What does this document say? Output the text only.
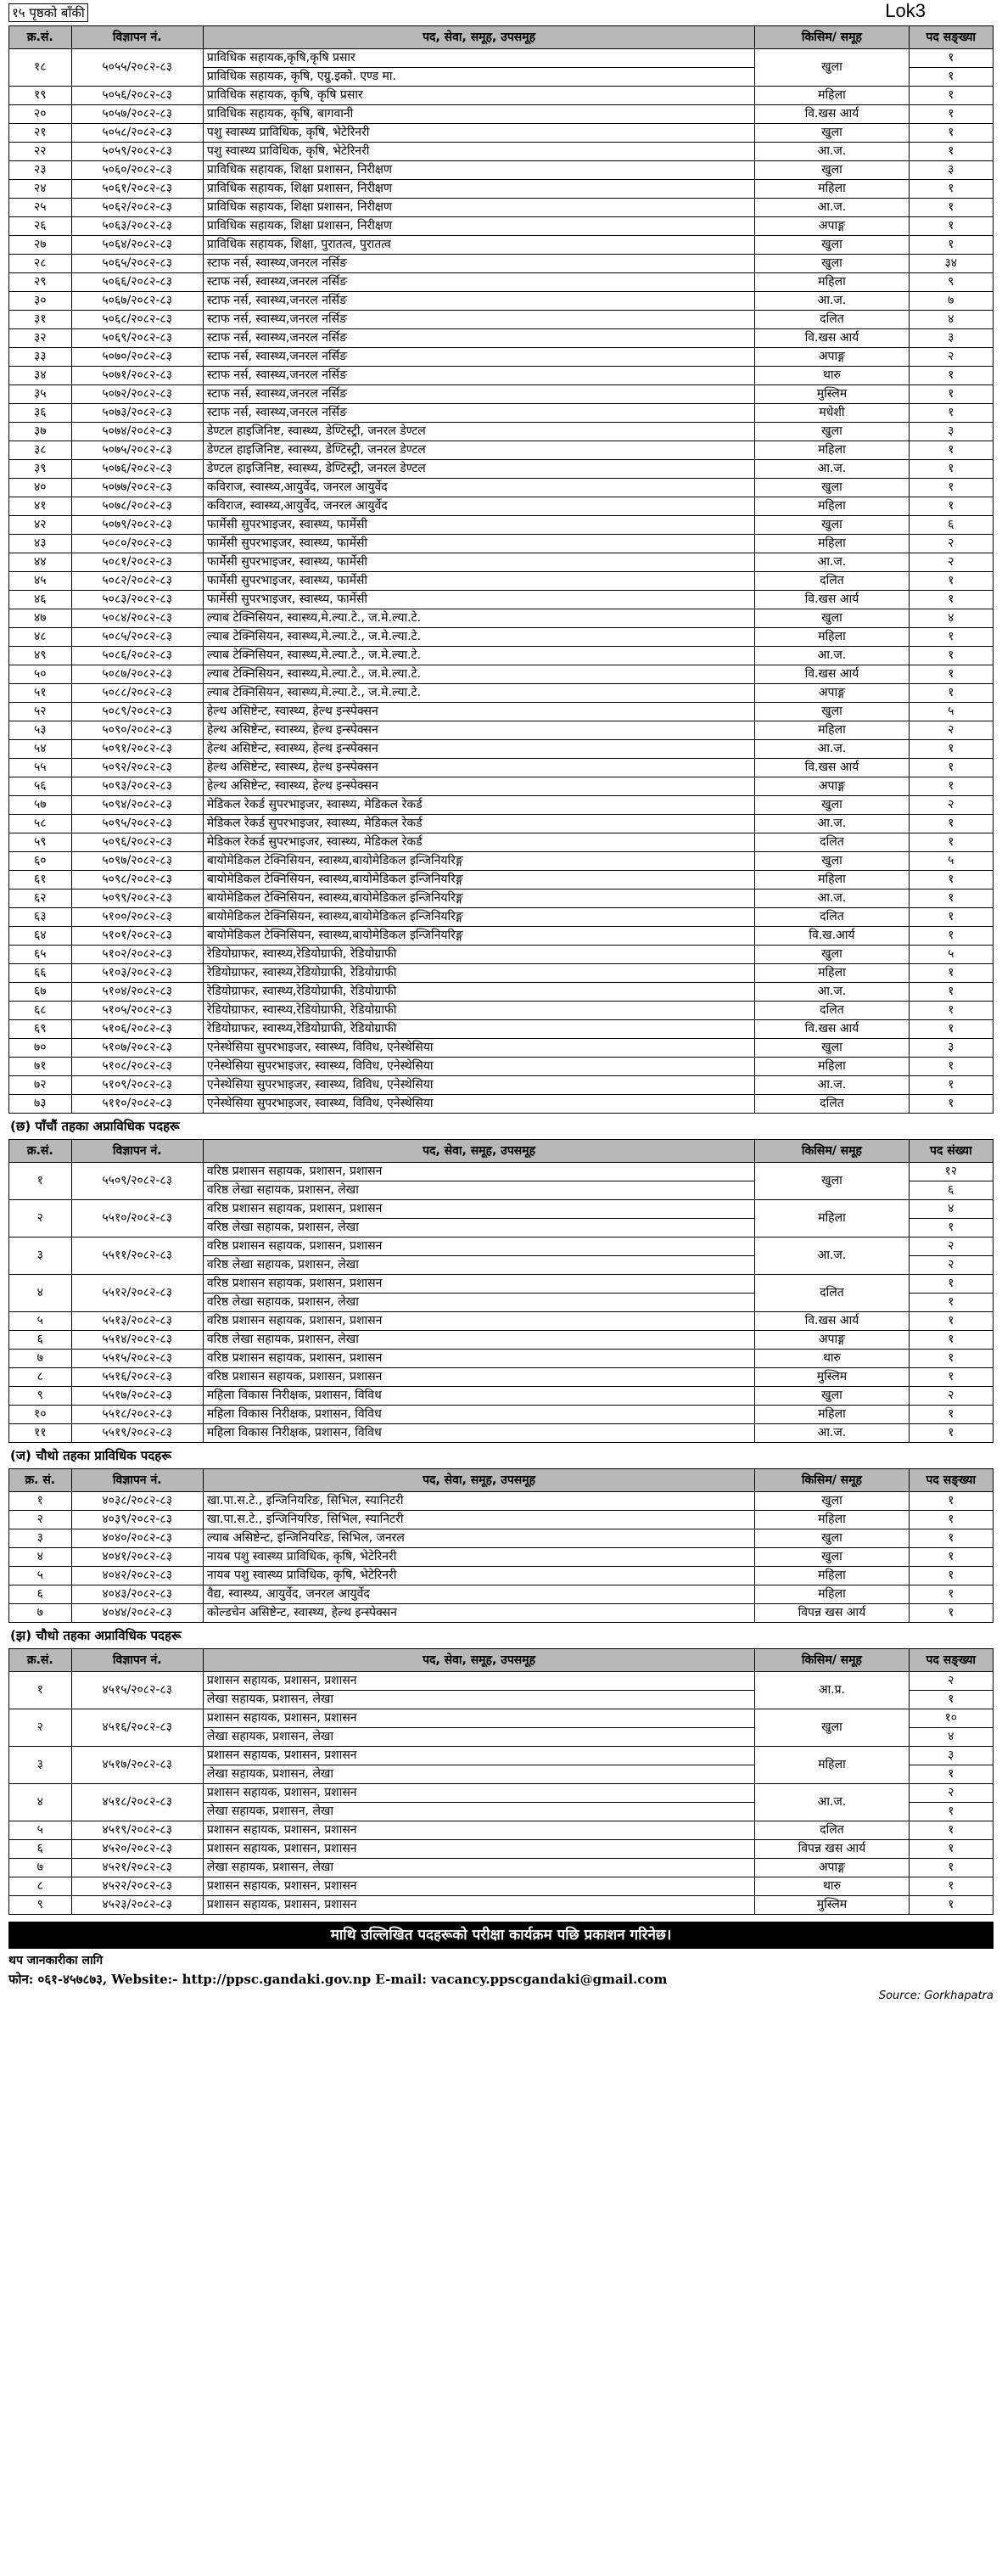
१५ पृष्ठको बाँकी	Lok3
क्र.सं.	विज्ञापन नं.	पद, सेवा, समूह, उपसमूह	किसिम/ समूह	पद सङ्ख्या
१८	५०५५/२०८२-८३	प्राविधिक सहायक,कृषि,कृषि प्रसार	खुला	१
		प्राविधिक सहायक, कृषि, एग्रु.इको. एण्ड मा.		१
१९	५०५६/२०८२-८३	प्राविधिक सहायक, कृषि, कृषि प्रसार	महिला	१
२०	५०५७/२०८२-८३	प्राविधिक सहायक, कृषि, बागवानी	वि.खस आर्य	१
२१	५०५८/२०८२-८३	पशु स्वास्थ्य प्राविधिक, कृषि, भेटेरिनरी	खुला	१
२२	५०५९/२०८२-८३	पशु स्वास्थ्य प्राविधिक, कृषि, भेटेरिनरी	आ.ज.	१
२३	५०६०/२०८२-८३	प्राविधिक सहायक, शिक्षा प्रशासन, निरीक्षण	खुला	३
२४	५०६१/२०८२-८३	प्राविधिक सहायक, शिक्षा प्रशासन, निरीक्षण	महिला	१
२५	५०६२/२०८२-८३	प्राविधिक सहायक, शिक्षा प्रशासन, निरीक्षण	आ.ज.	१
२६	५०६३/२०८२-८३	प्राविधिक सहायक, शिक्षा प्रशासन, निरीक्षण	अपाङ्ग	१
२७	५०६४/२०८२-८३	प्राविधिक सहायक, शिक्षा, पुरातत्व, पुरातत्व	खुला	१
२८	५०६५/२०८२-८३	स्टाफ नर्स, स्वास्थ्य,जनरल नर्सिङ	खुला	३४
२९	५०६६/२०८२-८३	स्टाफ नर्स, स्वास्थ्य,जनरल नर्सिङ	महिला	९
३०	५०६७/२०८२-८३	स्टाफ नर्स, स्वास्थ्य,जनरल नर्सिङ	आ.ज.	७
३१	५०६८/२०८२-८३	स्टाफ नर्स, स्वास्थ्य,जनरल नर्सिङ	दलित	४
३२	५०६९/२०८२-८३	स्टाफ नर्स, स्वास्थ्य,जनरल नर्सिङ	वि.खस आर्य	३
३३	५०७०/२०८२-८३	स्टाफ नर्स, स्वास्थ्य,जनरल नर्सिङ	अपाङ्ग	२
३४	५०७१/२०८२-८३	स्टाफ नर्स, स्वास्थ्य,जनरल नर्सिङ	थारु	१
३५	५०७२/२०८२-८३	स्टाफ नर्स, स्वास्थ्य,जनरल नर्सिङ	मुस्लिम	१
३६	५०७३/२०८२-८३	स्टाफ नर्स, स्वास्थ्य,जनरल नर्सिङ	मधेशी	१
३७	५०७४/२०८२-८३	डेण्टल हाइजिनिष्ट, स्वास्थ्य, डेण्टिस्ट्री, जनरल डेण्टल	खुला	३
३८	५०७५/२०८२-८३	डेण्टल हाइजिनिष्ट, स्वास्थ्य, डेण्टिस्ट्री, जनरल डेण्टल	महिला	१
३९	५०७६/२०८२-८३	डेण्टल हाइजिनिष्ट, स्वास्थ्य, डेण्टिस्ट्री, जनरल डेण्टल	आ.ज.	१
४०	५०७७/२०८२-८३	कविराज, स्वास्थ्य,आयुर्वेद, जनरल आयुर्वेद	खुला	१
४१	५०७८/२०८२-८३	कविराज, स्वास्थ्य,आयुर्वेद, जनरल आयुर्वेद	महिला	१
४२	५०७९/२०८२-८३	फार्मेसी सुपरभाइजर, स्वास्थ्य, फार्मेसी	खुला	६
४३	५०८०/२०८२-८३	फार्मेसी सुपरभाइजर, स्वास्थ्य, फार्मेसी	महिला	२
४४	५०८१/२०८२-८३	फार्मेसी सुपरभाइजर, स्वास्थ्य, फार्मेसी	आ.ज.	२
४५	५०८२/२०८२-८३	फार्मेसी सुपरभाइजर, स्वास्थ्य, फार्मेसी	दलित	१
४६	५०८३/२०८२-८३	फार्मेसी सुपरभाइजर, स्वास्थ्य, फार्मेसी	वि.खस आर्य	१
४७	५०८४/२०८२-८३	ल्याब टेक्निसियन, स्वास्थ्य,मे.ल्या.टे., ज.मे.ल्या.टे.	खुला	४
४८	५०८५/२०८२-८३	ल्याब टेक्निसियन, स्वास्थ्य,मे.ल्या.टे., ज.मे.ल्या.टे.	महिला	१
४९	५०८६/२०८२-८३	ल्याब टेक्निसियन, स्वास्थ्य,मे.ल्या.टे., ज.मे.ल्या.टे.	आ.ज.	१
५०	५०८७/२०८२-८३	ल्याब टेक्निसियन, स्वास्थ्य,मे.ल्या.टे., ज.मे.ल्या.टे.	वि.खस आर्य	१
५१	५०८८/२०८२-८३	ल्याब टेक्निसियन, स्वास्थ्य,मे.ल्या.टे., ज.मे.ल्या.टे.	अपाङ्ग	१
५२	५०८९/२०८२-८३	हेल्थ असिष्टेन्ट, स्वास्थ्य, हेल्थ इन्स्पेक्सन	खुला	५
५३	५०९०/२०८२-८३	हेल्थ असिष्टेन्ट, स्वास्थ्य, हेल्थ इन्स्पेक्सन	महिला	२
५४	५०९१/२०८२-८३	हेल्थ असिष्टेन्ट, स्वास्थ्य, हेल्थ इन्स्पेक्सन	आ.ज.	१
५५	५०९२/२०८२-८३	हेल्थ असिष्टेन्ट, स्वास्थ्य, हेल्थ इन्स्पेक्सन	वि.खस आर्य	१
५६	५०९३/२०८२-८३	हेल्थ असिष्टेन्ट, स्वास्थ्य, हेल्थ इन्स्पेक्सन	अपाङ्ग	१
५७	५०९४/२०८२-८३	मेडिकल रेकर्ड सुपरभाइजर, स्वास्थ्य, मेडिकल रेकर्ड	खुला	२
५८	५०९५/२०८२-८३	मेडिकल रेकर्ड सुपरभाइजर, स्वास्थ्य, मेडिकल रेकर्ड	आ.ज.	१
५९	५०९६/२०८२-८३	मेडिकल रेकर्ड सुपरभाइजर, स्वास्थ्य, मेडिकल रेकर्ड	दलित	१
६०	५०९७/२०८२-८३	बायोमेडिकल टेक्निसियन, स्वास्थ्य,बायोमेडिकल इन्जिनियरिङ्ग	खुला	५
६१	५०९८/२०८२-८३	बायोमेडिकल टेक्निसियन, स्वास्थ्य,बायोमेडिकल इन्जिनियरिङ्ग	महिला	१
६२	५०९९/२०८२-८३	बायोमेडिकल टेक्निसियन, स्वास्थ्य,बायोमेडिकल इन्जिनियरिङ्ग	आ.ज.	१
६३	५१००/२०८२-८३	बायोमेडिकल टेक्निसियन, स्वास्थ्य,बायोमेडिकल इन्जिनियरिङ्ग	दलित	१
६४	५१०१/२०८२-८३	बायोमेडिकल टेक्निसियन, स्वास्थ्य,बायोमेडिकल इन्जिनियरिङ्ग	वि.ख.आर्य	१
६५	५१०२/२०८२-८३	रेडियोग्राफर, स्वास्थ्य,रेडियोग्राफी, रेडियोग्राफी	खुला	५
६६	५१०३/२०८२-८३	रेडियोग्राफर, स्वास्थ्य,रेडियोग्राफी, रेडियोग्राफी	महिला	१
६७	५१०४/२०८२-८३	रेडियोग्राफर, स्वास्थ्य,रेडियोग्राफी, रेडियोग्राफी	आ.ज.	१
६८	५१०५/२०८२-८३	रेडियोग्राफर, स्वास्थ्य,रेडियोग्राफी, रेडियोग्राफी	दलित	१
६९	५१०६/२०८२-८३	रेडियोग्राफर, स्वास्थ्य,रेडियोग्राफी, रेडियोग्राफी	वि.खस आर्य	१
७०	५१०७/२०८२-८३	एनेस्थेसिया सुपरभाइजर, स्वास्थ्य, विविध, एनेस्थेसिया	खुला	३
७१	५१०८/२०८२-८३	एनेस्थेसिया सुपरभाइजर, स्वास्थ्य, विविध, एनेस्थेसिया	महिला	१
७२	५१०९/२०८२-८३	एनेस्थेसिया सुपरभाइजर, स्वास्थ्य, विविध, एनेस्थेसिया	आ.ज.	१
७३	५११०/२०८२-८३	एनेस्थेसिया सुपरभाइजर, स्वास्थ्य, विविध, एनेस्थेसिया	दलित	१
(छ) पाँचौं तहका अप्राविधिक पदहरू
क्र.सं.	विज्ञापन नं.	पद, सेवा, समूह, उपसमूह	किसिम/ समूह	पद संख्या
१	५५०९/२०८२-८३	वरिष्ठ प्रशासन सहायक, प्रशासन, प्रशासन	खुला	१२
		वरिष्ठ लेखा सहायक, प्रशासन, लेखा		६
२	५५१०/२०८२-८३	वरिष्ठ प्रशासन सहायक, प्रशासन, प्रशासन	महिला	४
		वरिष्ठ लेखा सहायक, प्रशासन, लेखा		१
३	५५११/२०८२-८३	वरिष्ठ प्रशासन सहायक, प्रशासन, प्रशासन	आ.ज.	२
		वरिष्ठ लेखा सहायक, प्रशासन, लेखा		२
४	५५१२/२०८२-८३	वरिष्ठ प्रशासन सहायक, प्रशासन, प्रशासन	दलित	१
		वरिष्ठ लेखा सहायक, प्रशासन, लेखा		१
५	५५१३/२०८२-८३	वरिष्ठ प्रशासन सहायक, प्रशासन, प्रशासन	वि.खस आर्य	१
६	५५१४/२०८२-८३	वरिष्ठ लेखा सहायक, प्रशासन, लेखा	अपाङ्ग	१
७	५५१५/२०८२-८३	वरिष्ठ प्रशासन सहायक, प्रशासन, प्रशासन	थारु	१
८	५५१६/२०८२-८३	वरिष्ठ प्रशासन सहायक, प्रशासन, प्रशासन	मुस्लिम	१
९	५५१७/२०८२-८३	महिला विकास निरीक्षक, प्रशासन, विविध	खुला	२
१०	५५१८/२०८२-८३	महिला विकास निरीक्षक, प्रशासन, विविध	महिला	१
११	५५१९/२०८२-८३	महिला विकास निरीक्षक, प्रशासन, विविध	आ.ज.	१
(ज) चौथो तहका प्राविधिक पदहरू
क्र. सं.	विज्ञापन नं.	पद, सेवा, समूह, उपसमूह	किसिम/ समूह	पद सङ्ख्या
१	४०३८/२०८२-८३	खा.पा.स.टे., इन्जिनियरिङ, सिभिल, स्यानिटरी	खुला	१
२	४०३९/२०८२-८३	खा.पा.स.टे., इन्जिनियरिङ, सिभिल, स्यानिटरी	महिला	१
३	४०४०/२०८२-८३	ल्याब असिष्टेन्ट, इन्जिनियरिङ, सिभिल, जनरल	खुला	१
४	४०४१/२०८२-८३	नायब पशु स्वास्थ्य प्राविधिक, कृषि, भेटेरिनरी	खुला	१
५	४०४२/२०८२-८३	नायब पशु स्वास्थ्य प्राविधिक, कृषि, भेटेरिनरी	महिला	१
६	४०४३/२०८२-८३	वैद्य, स्वास्थ्य, आयुर्वेद, जनरल आयुर्वेद	महिला	१
७	४०४४/२०८२-८३	कोल्डचेन असिष्टेन्ट, स्वास्थ्य, हेल्थ इन्स्पेक्सन	विपन्न खस आर्य	१
(झ) चौथो तहका अप्राविधिक पदहरू
क्र.सं.	विज्ञापन नं.	पद, सेवा, समूह, उपसमूह	किसिम/ समूह	पद सङ्ख्या
१	४५१५/२०८२-८३	प्रशासन सहायक, प्रशासन, प्रशासन	आ.प्र.	२
		लेखा सहायक, प्रशासन, लेखा		१
२	४५१६/२०८२-८३	प्रशासन सहायक, प्रशासन, प्रशासन	खुला	१०
		लेखा सहायक, प्रशासन, लेखा		४
३	४५१७/२०८२-८३	प्रशासन सहायक, प्रशासन, प्रशासन	महिला	३
		लेखा सहायक, प्रशासन, लेखा		१
४	४५१८/२०८२-८३	प्रशासन सहायक, प्रशासन, प्रशासन	आ.ज.	२
		लेखा सहायक, प्रशासन, लेखा		१
५	४५१९/२०८२-८३	प्रशासन सहायक, प्रशासन, प्रशासन	दलित	१
६	४५२०/२०८२-८३	प्रशासन सहायक, प्रशासन, प्रशासन	विपन्न खस आर्य	१
७	४५२१/२०८२-८३	लेखा सहायक, प्रशासन, लेखा	अपाङ्ग	१
८	४५२२/२०८२-८३	प्रशासन सहायक, प्रशासन, प्रशासन	थारु	१
९	४५२३/२०८२-८३	प्रशासन सहायक, प्रशासन, प्रशासन	मुस्लिम	१
माथि उल्लिखित पदहरूको परीक्षा कार्यक्रम पछि प्रकाशन गरिनेछ।
थप जानकारीका लागि
फोन: ०६१-४५७८७३, Website:- http://ppsc.gandaki.gov.np E-mail: vacancy.ppscgandaki@gmail.com
Source: Gorkhapatra
